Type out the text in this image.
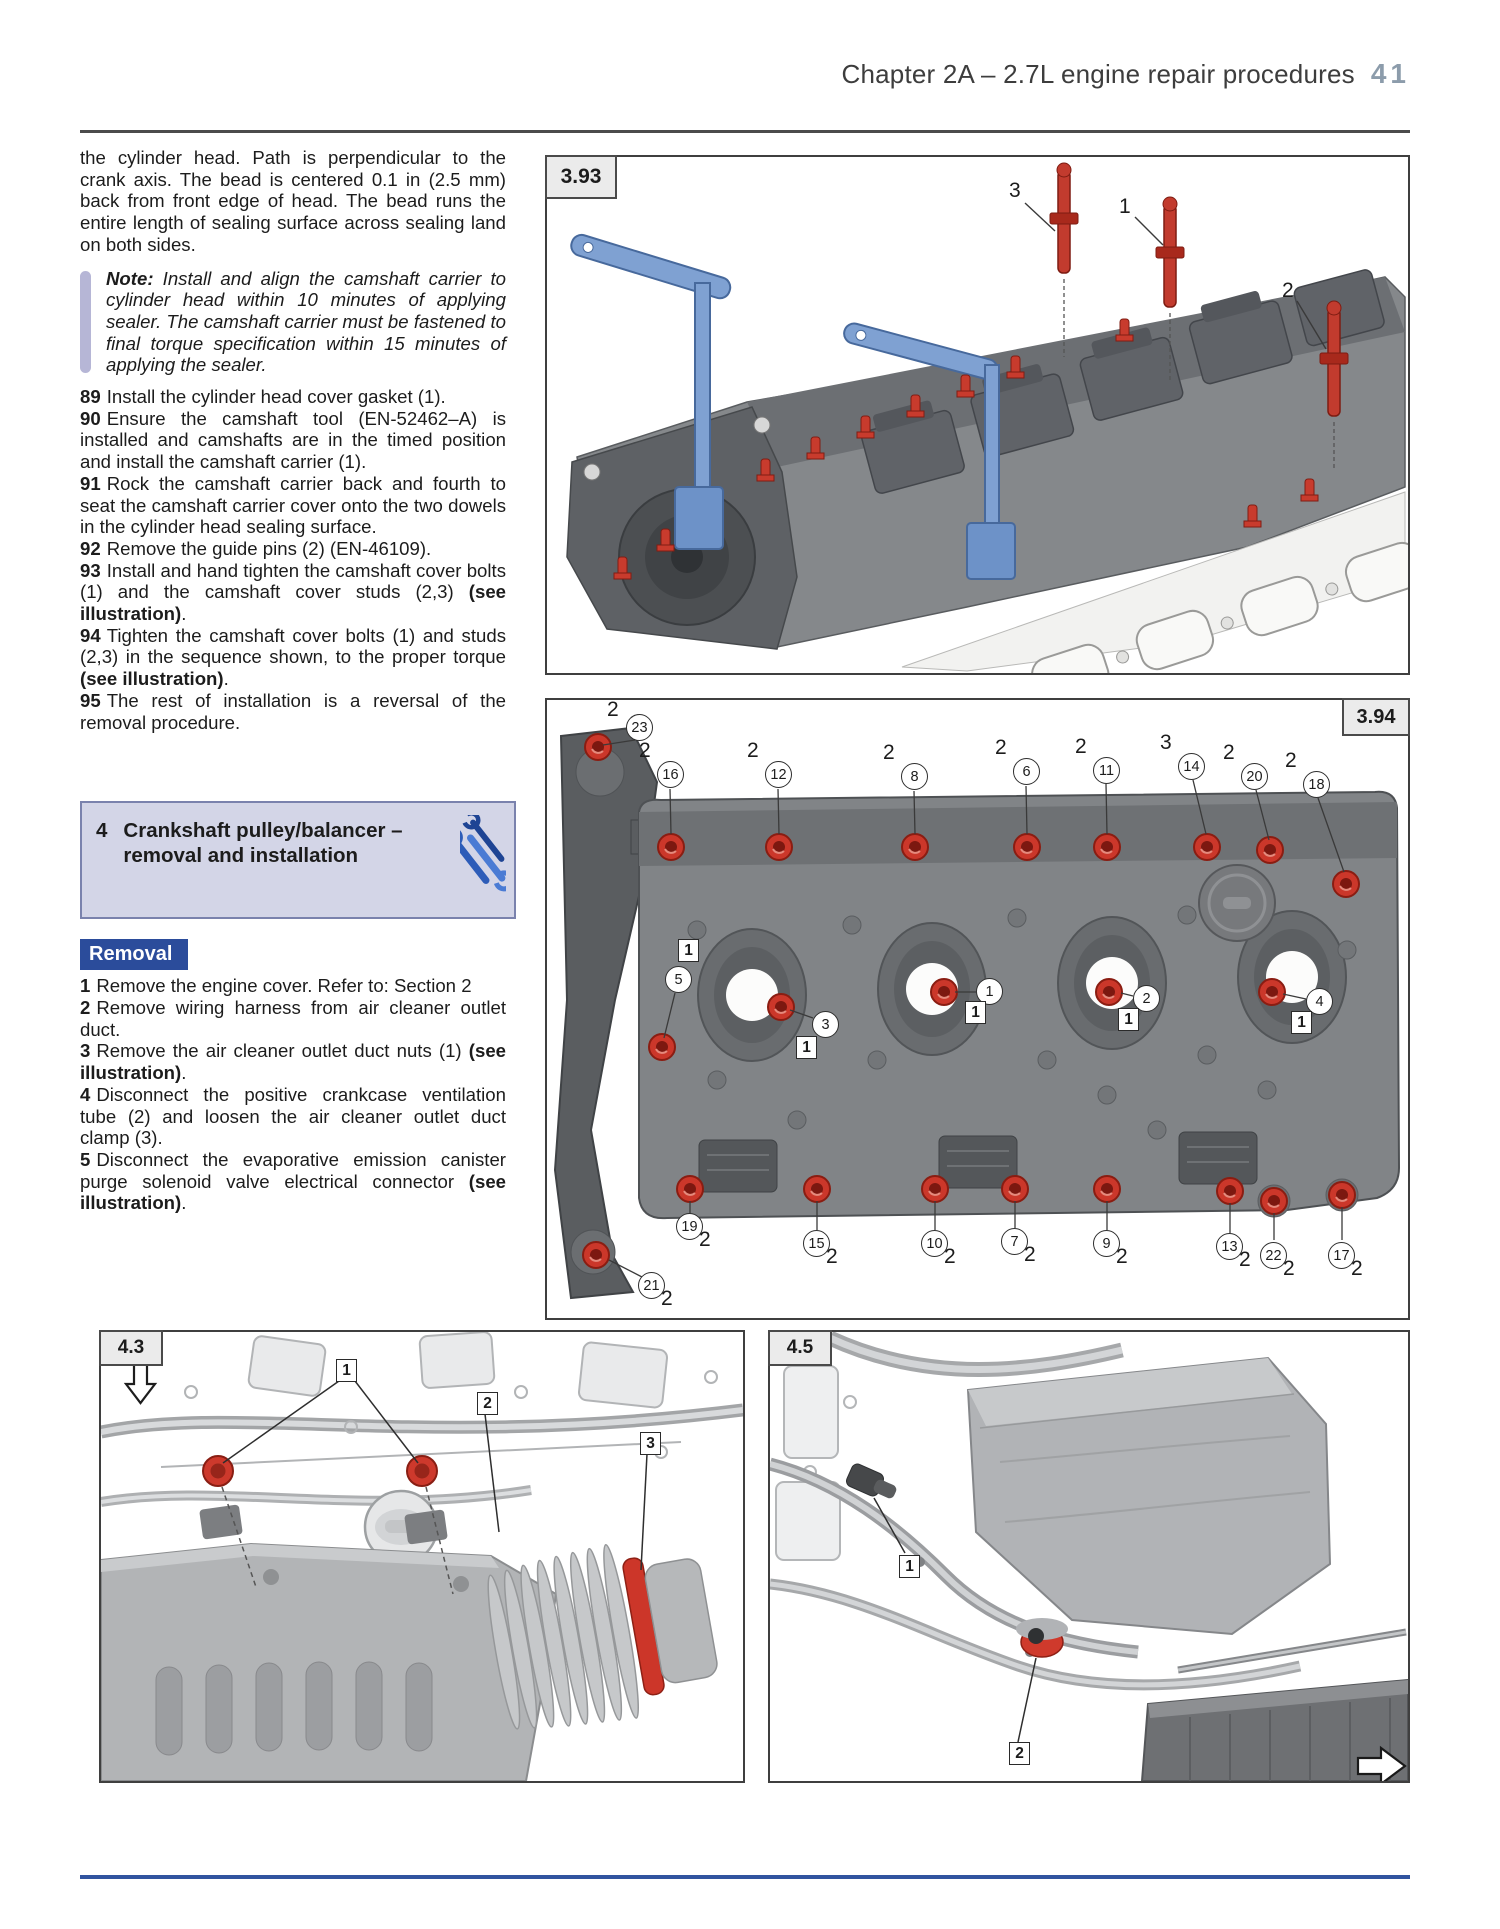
Chapter 2A – 2.7L engine repair procedures 41

the cylinder head. Path is perpendicular to the crank axis. The bead is centered 0.1 in (2.5 mm) back from front edge of head. The bead runs the entire length of sealing surface across sealing land on both sides.

Note: Install and align the camshaft carrier to cylinder head within 10 minutes of applying sealer. The camshaft carrier must be fastened to final torque specification within 15 minutes of applying the sealer.

89 Install the cylinder head cover gasket (1).

90 Ensure the camshaft tool (EN-52462–A) is installed and camshafts are in the timed position and install the camshaft carrier (1).

91 Rock the camshaft carrier back and fourth to seat the camshaft carrier cover onto the two dowels in the cylinder head sealing surface.

92 Remove the guide pins (2) (EN-46109).

93 Install and hand tighten the camshaft cover bolts (1) and the camshaft cover studs (2,3) (see illustration).

94 Tighten the camshaft cover bolts (1) and studs (2,3) in the sequence shown, to the proper torque (see illustration).

95 The rest of installation is a reversal of the removal procedure.

4 Crankshaft pulley/balancer –
removal and installation
Removal

1 Remove the engine cover. Refer to: Section 2

2 Remove wiring harness from air cleaner outlet duct.

3 Remove the air cleaner outlet duct nuts (1) (see illustration).

4 Disconnect the positive crankcase ventilation tube (2) and loosen the air cleaner outlet duct clamp (3).

5 Disconnect the evaporative emission canister purge solenoid valve electrical connector (see illustration).

3.93
3
1
2
3.94
2
23
2
16
2
12
2
8
2
6
2
11
3
14
2
20
2
18
5
1
3
1
1
1
2
1
4
1
19
2
21
2
15
2
10
2
7
2	9
2	13
2	22
2
17
2
4.3
1
2
3
4.5
1
2
